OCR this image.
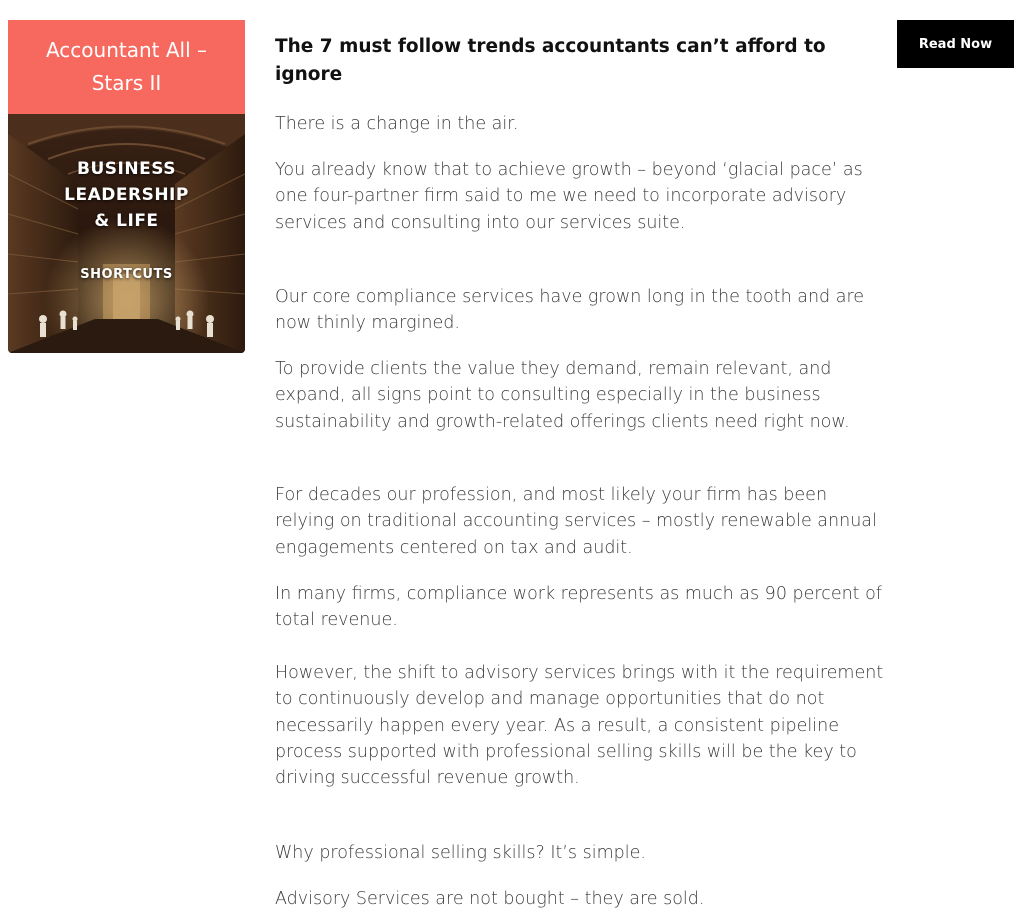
Accountant All – Stars II
BUSINESS
LEADERSHIP
& LIFE
SHORTCUTS
The 7 must follow trends accountants can’t afford to ignore
Read Now

There is a change in the air.

You already know that to achieve growth – beyond ‘glacial pace’ as one four-partner firm said to me we need to incorporate advisory services and consulting into our services suite.

Our core compliance services have grown long in the tooth and are now thinly margined.

To provide clients the value they demand, remain relevant, and expand, all signs point to consulting especially in the business sustainability and growth-related offerings clients need right now.

For decades our profession, and most likely your firm has been relying on traditional accounting services – mostly renewable annual engagements centered on tax and audit.

In many firms, compliance work represents as much as 90 percent of total revenue.

However, the shift to advisory services brings with it the requirement to continuously develop and manage opportunities that do not necessarily happen every year. As a result, a consistent pipeline process supported with professional selling skills will be the key to driving successful revenue growth.

Why professional selling skills? It’s simple.

Advisory Services are not bought – they are sold.
